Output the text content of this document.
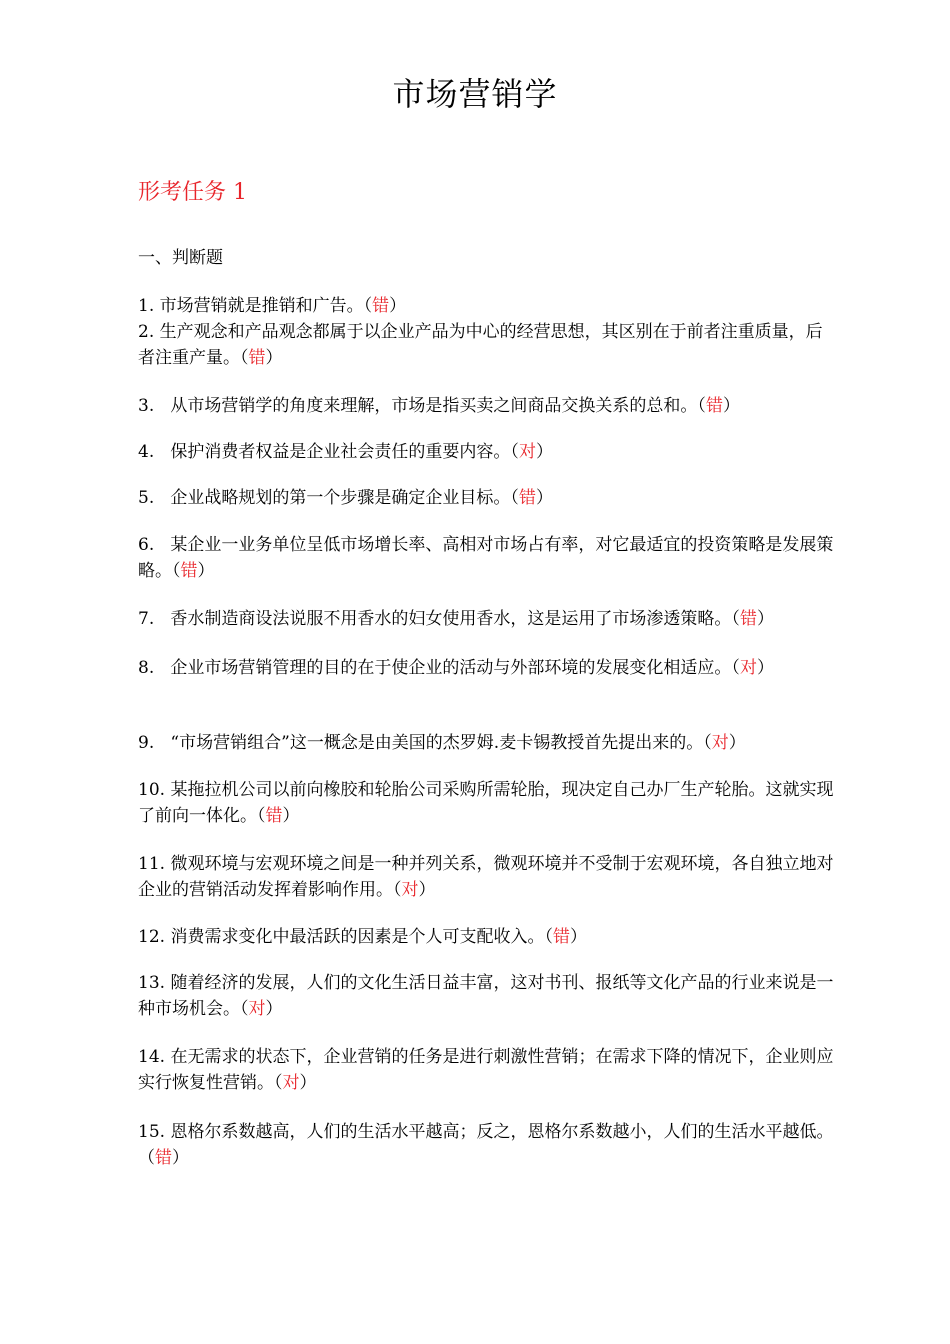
市场营销学
形考任务 1
一、判断题

1. 市场营销就是推销和广告。（错）

2. 生产观念和产品观念都属于以企业产品为中心的经营思想，其区别在于前者注重质量，后者注重产量。（错）

3.   从市场营销学的角度来理解，市场是指买卖之间商品交换关系的总和。（错）

4.   保护消费者权益是企业社会责任的重要内容。（对）

5.   企业战略规划的第一个步骤是确定企业目标。（错）

6.   某企业一业务单位呈低市场增长率、高相对市场占有率，对它最适宜的投资策略是发展策略。（错）

7.   香水制造商设法说服不用香水的妇女使用香水，这是运用了市场渗透策略。（错）

8.   企业市场营销管理的目的在于使企业的活动与外部环境的发展变化相适应。（对）

9.   “市场营销组合”这一概念是由美国的杰罗姆.麦卡锡教授首先提出来的。（对）

10. 某拖拉机公司以前向橡胶和轮胎公司采购所需轮胎，现决定自己办厂生产轮胎。这就实现了前向一体化。（错）

11. 微观环境与宏观环境之间是一种并列关系，微观环境并不受制于宏观环境，各自独立地对企业的营销活动发挥着影响作用。（对）

12. 消费需求变化中最活跃的因素是个人可支配收入。（错）

13. 随着经济的发展，人们的文化生活日益丰富，这对书刊、报纸等文化产品的行业来说是一种市场机会。（对）

14. 在无需求的状态下，企业营销的任务是进行刺激性营销；在需求下降的情况下，企业则应实行恢复性营销。（对）

15. 恩格尔系数越高，人们的生活水平越高；反之，恩格尔系数越小，人们的生活水平越低。（错）
